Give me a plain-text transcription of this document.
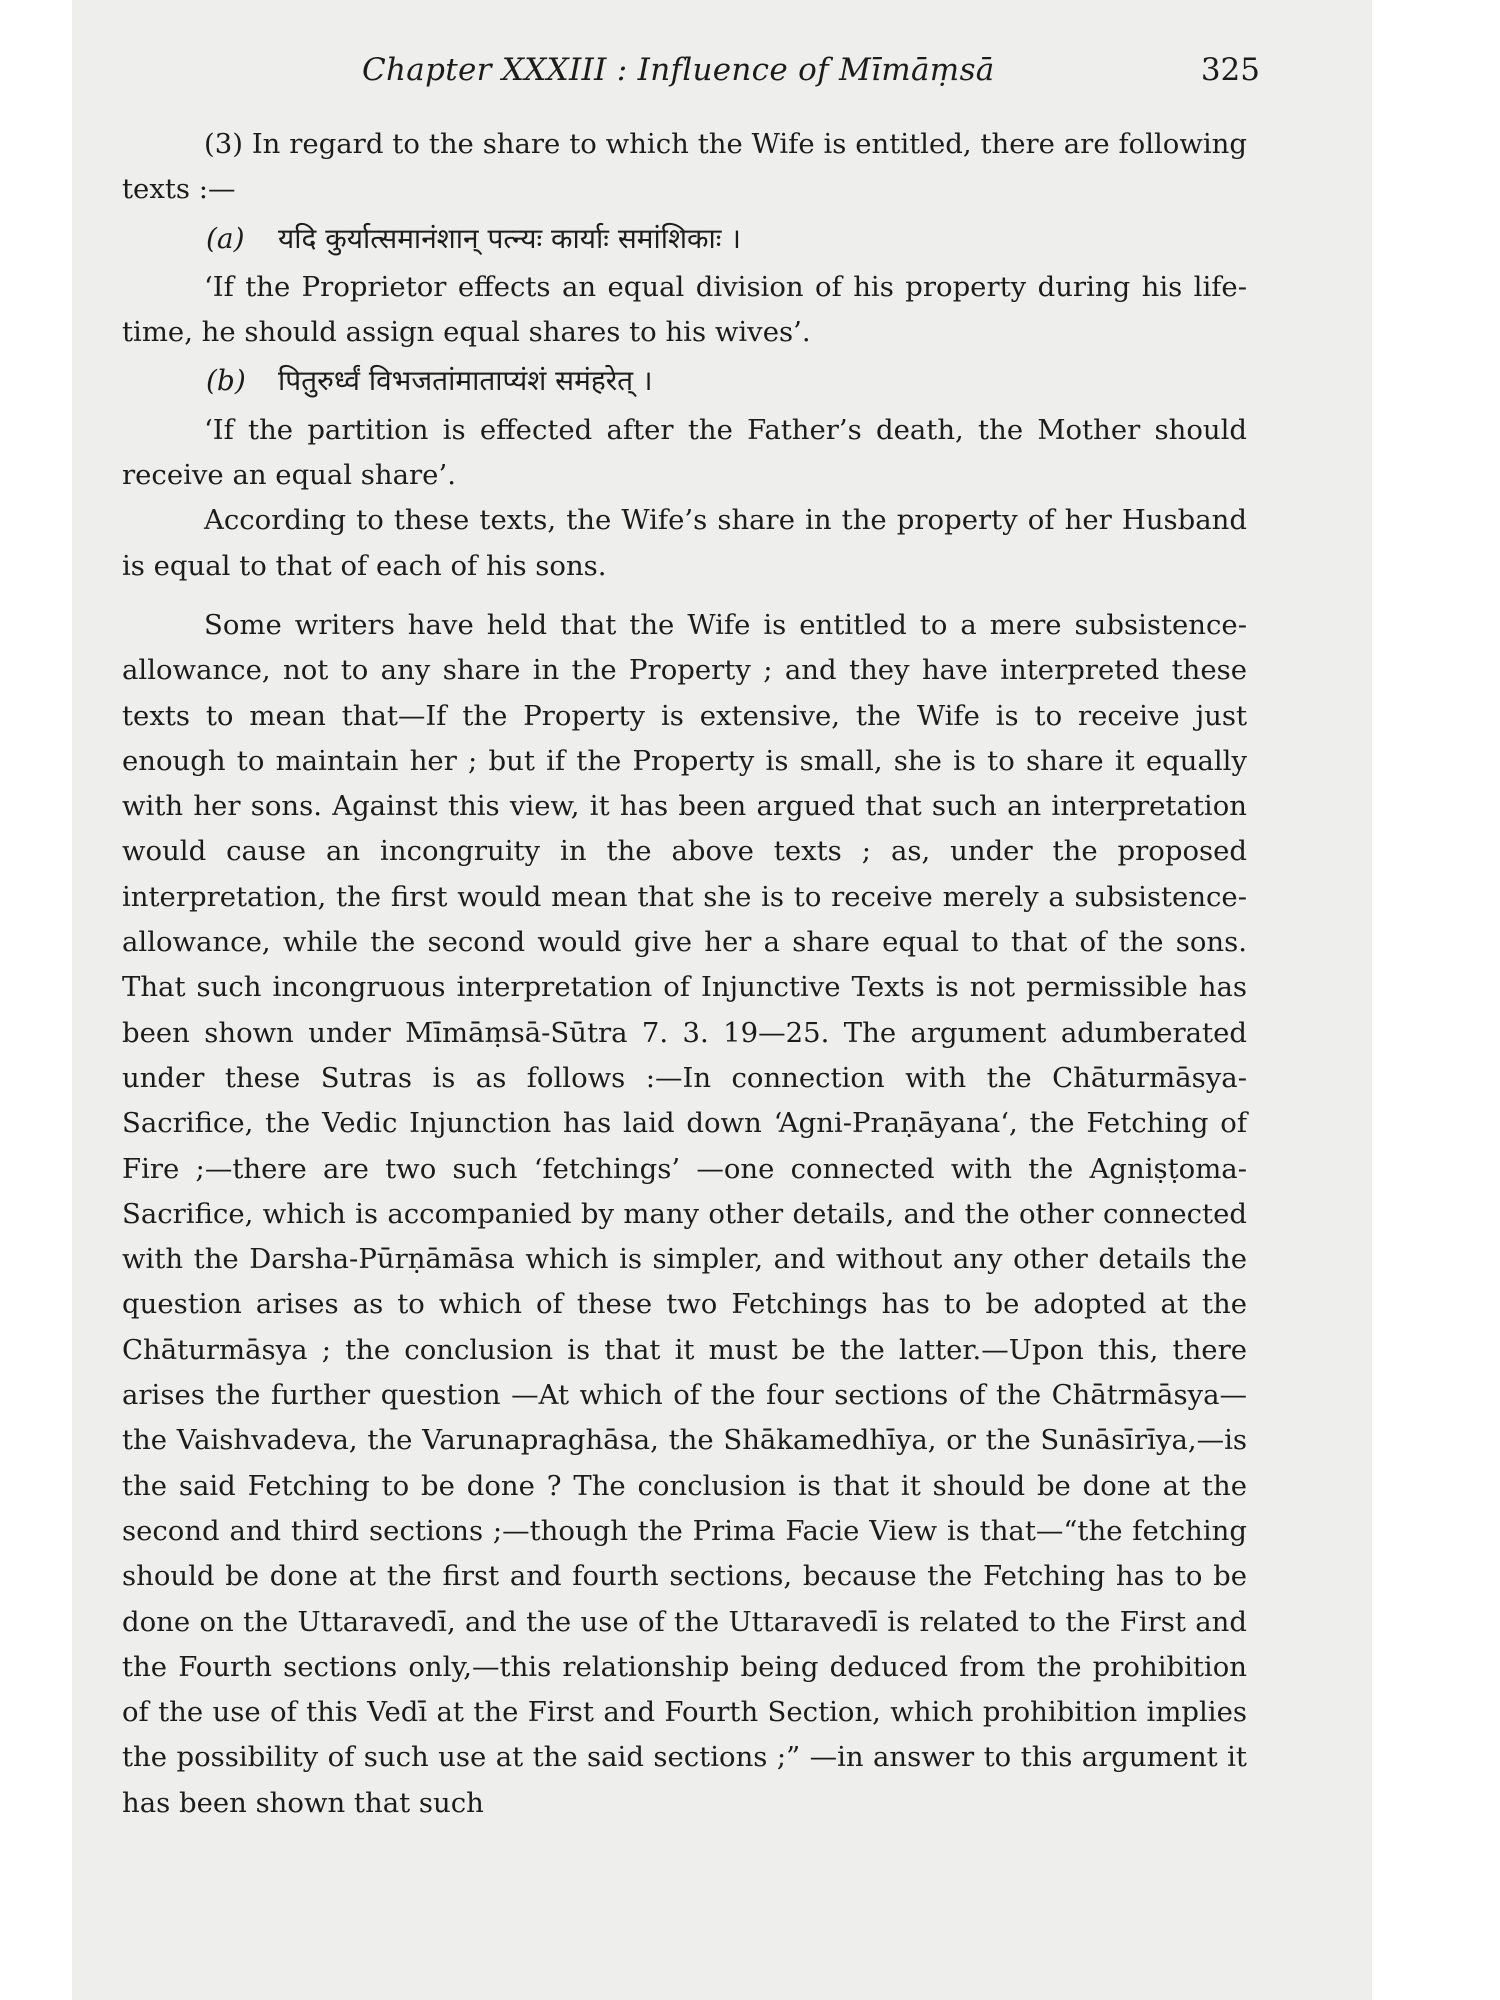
Chapter XXXIII : Influence of Mīmāṃsā	325

(3) In regard to the share to which the Wife is entitled, there are following texts :—

(a) यदि कुर्यात्समानंशान् पत्न्यः कार्याः समांशिकाः ।

‘If the Proprietor effects an equal division of his property during his life-time, he should assign equal shares to his wives’.

(b) पितुरुर्ध्वं विभजतांमाताप्यंशं समंहरेत् ।

‘If the partition is effected after the Father’s death, the Mother should receive an equal share’.

According to these texts, the Wife’s share in the property of her Husband is equal to that of each of his sons.

Some writers have held that the Wife is entitled to a mere subsistence-allowance, not to any share in the Property ; and they have interpreted these texts to mean that—If the Property is extensive, the Wife is to receive just enough to maintain her ; but if the Property is small, she is to share it equally with her sons. Against this view, it has been argued that such an interpretation would cause an incongruity in the above texts ; as, under the proposed interpretation, the first would mean that she is to receive merely a subsistence-allowance, while the second would give her a share equal to that of the sons. That such incongruous interpretation of Injunctive Texts is not permissible has been shown under Mīmāṃsā-Sūtra 7. 3. 19—25. The argument adumberated under these Sutras is as follows :—In connection with the Chāturmāsya-Sacrifice, the Vedic Injunction has laid down ‘Agni-Praṇāyana‘, the Fetching of Fire ;—there are two such ‘fetchings’ —one connected with the Agniṣṭoma-Sacrifice, which is accompanied by many other details, and the other connected with the Darsha-Pūrṇāmāsa which is simpler, and without any other details the question arises as to which of these two Fetchings has to be adopted at the Chāturmāsya ; the conclusion is that it must be the latter.—Upon this, there arises the further question —At which of the four sections of the Chātrmāsya—the Vaishvadeva, the Varunapraghāsa, the Shākamedhīya, or the Sunāsīrīya,—is the said Fetching to be done ? The conclusion is that it should be done at the second and third sections ;—though the Prima Facie View is that—“the fetching should be done at the first and fourth sections, because the Fetching has to be done on the Uttaravedī, and the use of the Uttaravedī is related to the First and the Fourth sections only,—this relationship being deduced from the prohibition of the use of this Vedī at the First and Fourth Section, which prohibition implies the possibility of such use at the said sections ;” —in answer to this argument it has been shown that such
